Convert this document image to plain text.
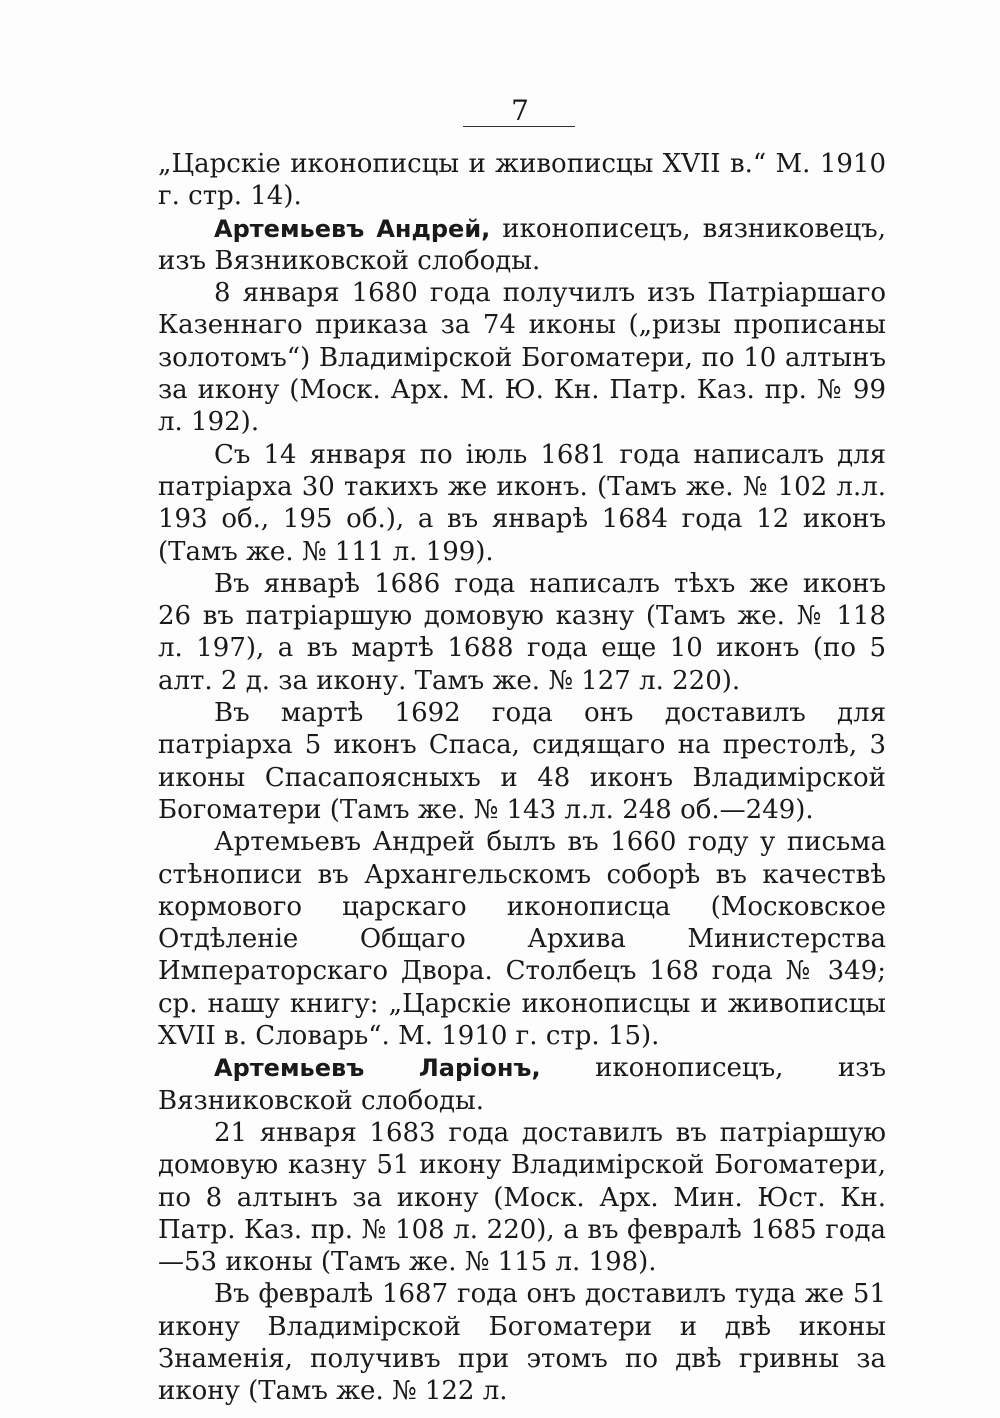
7

„Царскіе иконописцы и живописцы XVII в.“ М. 1910 г. стр. 14).

Артемьевъ Андрей, иконописецъ, вязниковецъ, изъ Вязниковской слободы.

8 января 1680 года получилъ изъ Патріаршаго Казеннаго приказа за 74 иконы („ризы прописаны золотомъ“) Владимірской Богоматери, по 10 алтынъ за икону (Моск. Арх. М. Ю. Кн. Патр. Каз. пр. № 99 л. 192).

Съ 14 января по іюль 1681 года написалъ для патріарха 30 такихъ же иконъ. (Тамъ же. № 102 л.л. 193 об., 195 об.), а въ январѣ 1684 года 12 иконъ (Тамъ же. № 111 л. 199).

Въ январѣ 1686 года написалъ тѣхъ же иконъ 26 въ патріаршую домовую казну (Тамъ же. № 118 л. 197), а въ мартѣ 1688 года еще 10 иконъ (по 5 алт. 2 д. за икону. Тамъ же. № 127 л. 220).

Въ мартѣ 1692 года онъ доставилъ для патріарха 5 иконъ Спаса, сидящаго на престолѣ, 3 иконы Спасапоясныхъ и 48 иконъ Владимірской Богоматери (Тамъ же. № 143 л.л. 248 об.—249).

Артемьевъ Андрей былъ въ 1660 году у письма стѣнописи въ Архангельскомъ соборѣ въ качествѣ кормового царскаго иконописца (Московское Отдѣленіе Общаго Архива Министерства Императорскаго Двора. Столбецъ 168 года № 349; ср. нашу книгу: „Царскіе иконописцы и живописцы XVII в. Словарь“. М. 1910 г. стр. 15).

Артемьевъ Ларіонъ, иконописецъ, изъ Вязниковской слободы.

21 января 1683 года доставилъ въ патріаршую домовую казну 51 икону Владимірской Богоматери, по 8 алтынъ за икону (Моск. Арх. Мин. Юст. Кн. Патр. Каз. пр. № 108 л. 220), а въ февралѣ 1685 года—53 иконы (Тамъ же. № 115 л. 198).

Въ февралѣ 1687 года онъ доставилъ туда же 51 икону Владимірской Богоматери и двѣ иконы Знаменія, получивъ при этомъ по двѣ гривны за икону (Тамъ же. № 122 л.
